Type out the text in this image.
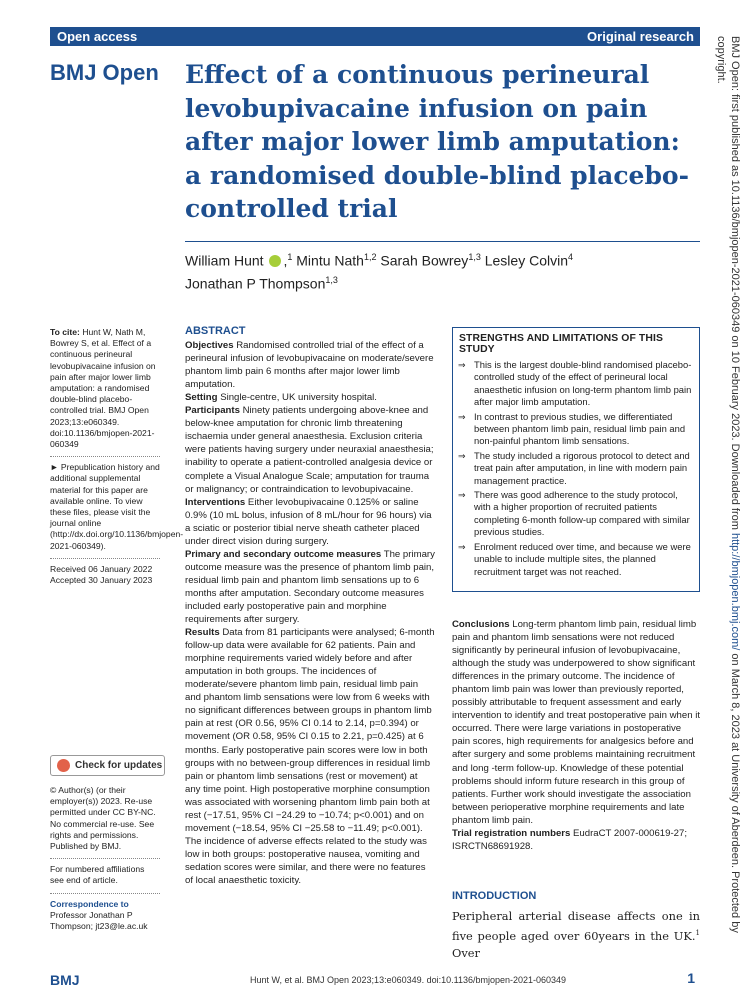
Open access	Original research
BMJ Open Effect of a continuous perineural levobupivacaine infusion on pain after major lower limb amputation: a randomised double-blind placebo-controlled trial
William Hunt ,$^1$ Mintu Nath$^{1,2}$ Sarah Bowrey$^{1,3}$ Lesley Colvin$^4$
Jonathan P Thompson$^{1,3}$

To cite: Hunt W, Nath M, Bowrey S, et al. Effect of a continuous perineural levobupivacaine infusion on pain after major lower limb amputation: a randomised double-blind placebo-controlled trial. BMJ Open 2023;13:e060349. doi:10.1136/bmjopen-2021-060349

► Prepublication history and additional supplemental material for this paper are available online. To view these files, please visit the journal online (http://dx.doi.org/10.1136/bmjopen-2021-060349).

Received 06 January 2022

Accepted 30 January 2023

Check for updates

© Author(s) (or their employer(s)) 2023. Re-use permitted under CC BY-NC. No commercial re-use. See rights and permissions. Published by BMJ.

For numbered affiliations see end of article.

Correspondence to

Professor Jonathan P Thompson; jt23@le.ac.uk

ABSTRACT

Objectives Randomised controlled trial of the effect of a perineural infusion of levobupivacaine on moderate/severe phantom limb pain 6 months after major lower limb amputation.

Setting Single-centre, UK university hospital.

Participants Ninety patients undergoing above-knee and below-knee amputation for chronic limb threatening ischaemia under general anaesthesia. Exclusion criteria were patients having surgery under neuraxial anaesthesia; inability to operate a patient-controlled analgesia device or complete a Visual Analogue Scale; amputation for trauma or malignancy; or contraindication to levobupivacaine.

Interventions Either levobupivacaine 0.125% or saline 0.9% (10 mL bolus, infusion of 8 mL/hour for 96 hours) via a sciatic or posterior tibial nerve sheath catheter placed under direct vision during surgery.

Primary and secondary outcome measures The primary outcome measure was the presence of phantom limb pain, residual limb pain and phantom limb sensations up to 6 months after amputation. Secondary outcome measures included early postoperative pain and morphine requirements after surgery.

Results Data from 81 participants were analysed; 6-month follow-up data were available for 62 patients. Pain and morphine requirements varied widely before and after amputation in both groups. The incidences of moderate/severe phantom limb pain, residual limb pain and phantom limb sensations were low from 6 weeks with no significant differences between groups in phantom limb pain at rest (OR 0.56, 95% CI 0.14 to 2.14, p=0.394) or movement (OR 0.58, 95% CI 0.15 to 2.21, p=0.425) at 6 months. Early postoperative pain scores were low in both groups with no between-group differences in residual limb pain or phantom limb sensations (rest or movement) at any time point. High postoperative morphine consumption was associated with worsening phantom limb pain both at rest (−17.51, 95% CI −24.29 to −10.74; p<0.001) and on movement (−18.54, 95% CI −25.58 to −11.49; p<0.001). The incidence of adverse effects related to the study was low in both groups: postoperative nausea, vomiting and sedation scores were similar, and there were no features of local anaesthetic toxicity.

STRENGTHS AND LIMITATIONS OF THIS STUDY
⇒ This is the largest double-blind randomised placebo-controlled study of the effect of perineural local anaesthetic infusion on long-term phantom limb pain after major limb amputation.
⇒ In contrast to previous studies, we differentiated between phantom limb pain, residual limb pain and non-painful phantom limb sensations.
⇒ The study included a rigorous protocol to detect and treat pain after amputation, in line with modern pain management practice.
⇒ There was good adherence to the study protocol, with a higher proportion of recruited patients completing 6-month follow-up compared with similar previous studies.
⇒ Enrolment reduced over time, and because we were unable to include multiple sites, the planned recruitment target was not reached.

Conclusions Long-term phantom limb pain, residual limb pain and phantom limb sensations were not reduced significantly by perineural infusion of levobupivacaine, although the study was underpowered to show significant differences in the primary outcome. The incidence of phantom limb pain was lower than previously reported, possibly attributable to frequent assessment and early intervention to identify and treat postoperative pain when it occurred. There were large variations in postoperative pain scores, high requirements for analgesics before and after surgery and some problems maintaining recruitment and long -term follow-up. Knowledge of these potential problems should inform future research in this group of patients. Further work should investigate the association between perioperative morphine requirements and late phantom limb pain.

Trial registration numbers EudraCT 2007-000619-27; ISRCTN68691928.

INTRODUCTION

Peripheral arterial disease affects one in five people aged over 60years in the UK.$^1$ Over

BMJ Open: first published as 10.1136/bmjopen-2021-060349 on 10 February 2023. Downloaded from http://bmjopen.bmj.com/ on March 8, 2023 at University of Aberdeen. Protected by copyright.
BMJ	Hunt W, et al. BMJ Open 2023;13:e060349. doi:10.1136/bmjopen-2021-060349	1
